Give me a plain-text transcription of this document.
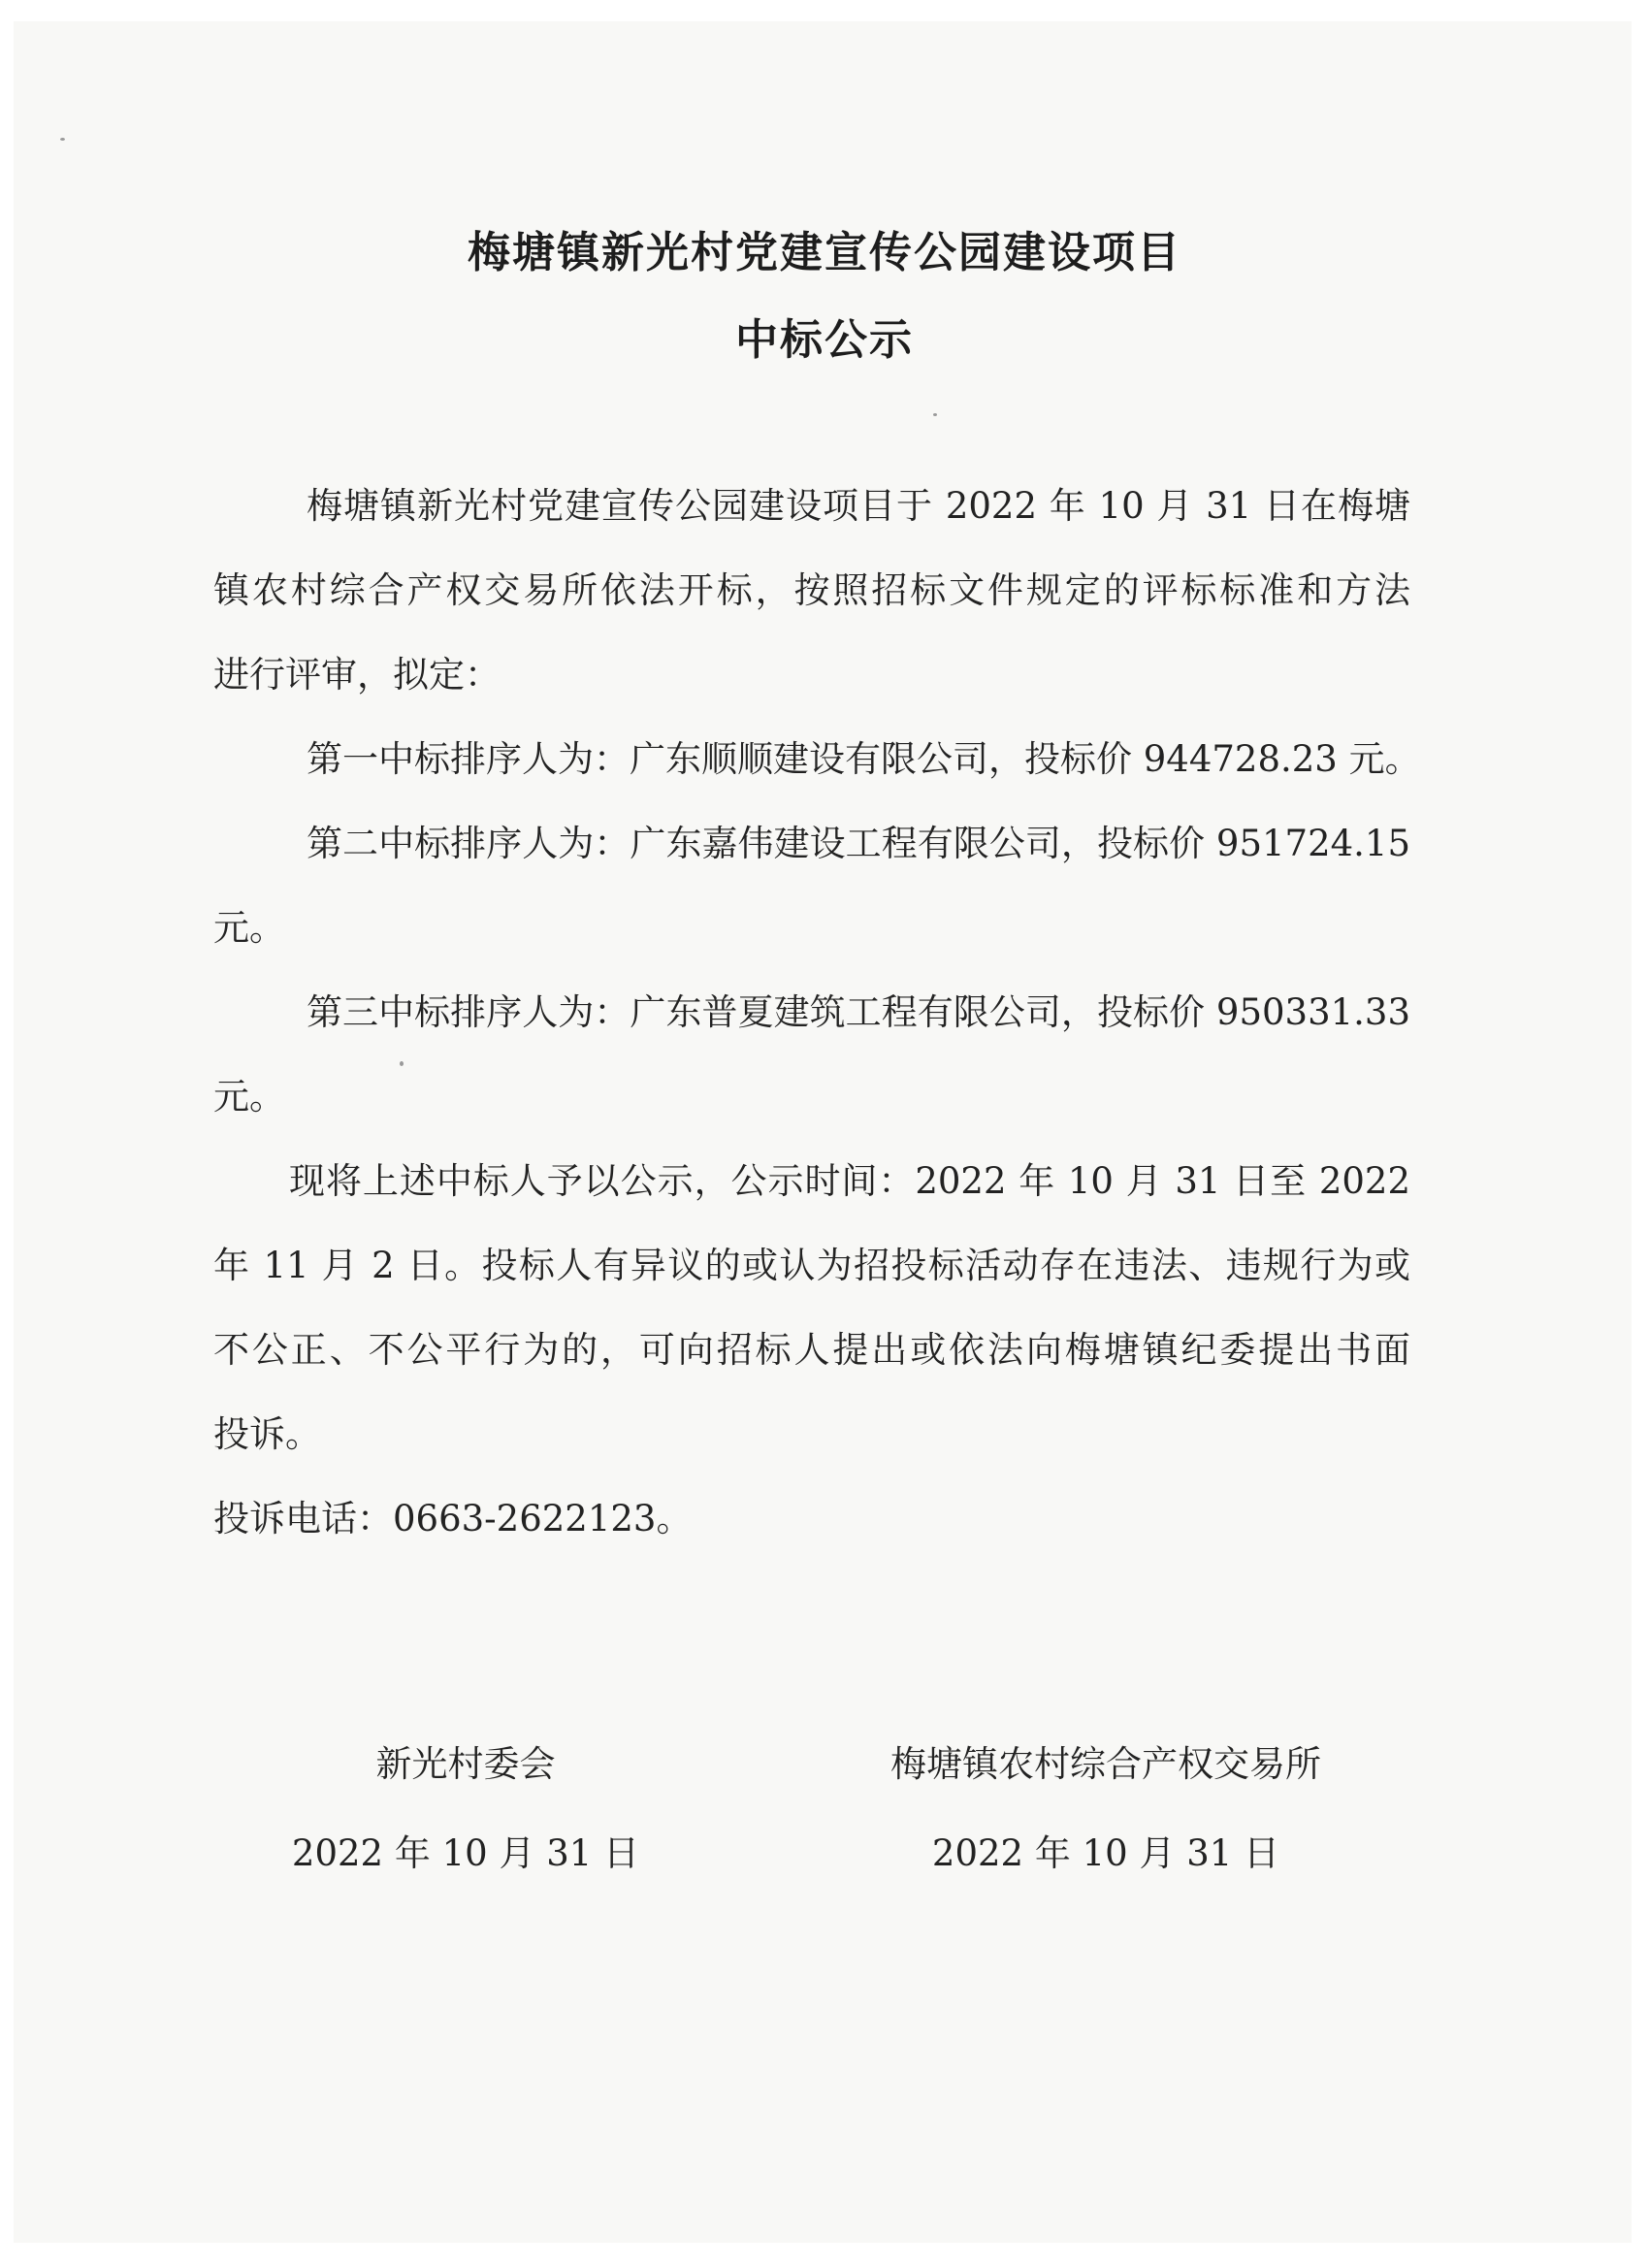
梅塘镇新光村党建宣传公园建设项目
中标公示

梅塘镇新光村党建宣传公园建设项目于 2022 年 10 月 31 日在梅塘

镇农村综合产权交易所依法开标，按照招标文件规定的评标标准和方法

进行评审，拟定：

第一中标排序人为：广东顺顺建设有限公司，投标价 944728.23 元。

第二中标排序人为：广东嘉伟建设工程有限公司，投标价 951724.15

元。

第三中标排序人为：广东普夏建筑工程有限公司，投标价 950331.33

元。

现将上述中标人予以公示，公示时间：2022 年 10 月 31 日至 2022

年 11 月 2 日。投标人有异议的或认为招投标活动存在违法、违规行为或

不公正、不公平行为的，可向招标人提出或依法向梅塘镇纪委提出书面

投诉。

投诉电话：0663-2622123。

新光村委会	梅塘镇农村综合产权交易所

2022 年 10 月 31 日	2022 年 10 月 31 日
